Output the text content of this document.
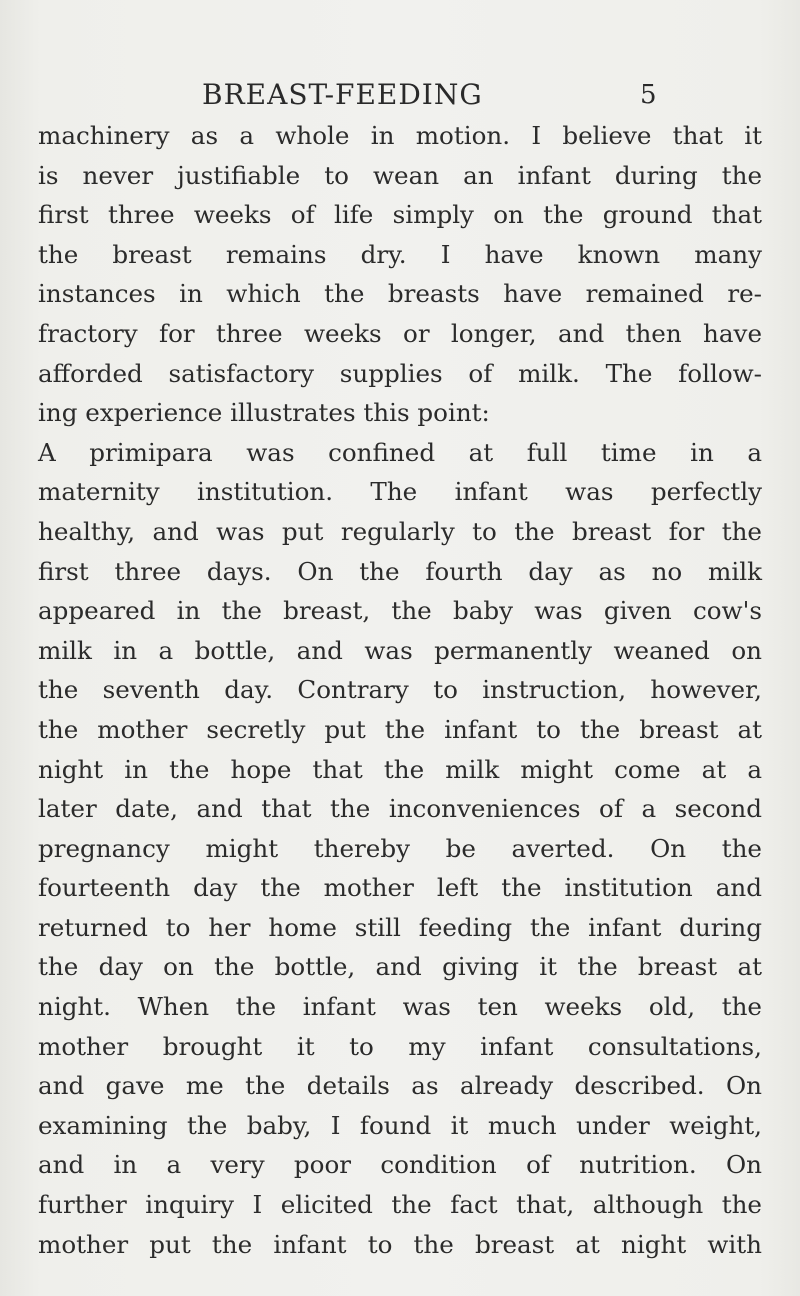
BREAST-FEEDING	5
machinery as a whole in motion. I believe that it
is never justifiable to wean an infant during the
first three weeks of life simply on the ground that
the breast remains dry. I have known many
instances in which the breasts have remained re-
fractory for three weeks or longer, and then have
afforded satisfactory supplies of milk. The follow-
ing experience illustrates this point:
A primipara was confined at full time in a
maternity institution. The infant was perfectly
healthy, and was put regularly to the breast for the
first three days. On the fourth day as no milk
appeared in the breast, the baby was given cow's
milk in a bottle, and was permanently weaned on
the seventh day. Contrary to instruction, however,
the mother secretly put the infant to the breast at
night in the hope that the milk might come at a
later date, and that the inconveniences of a second
pregnancy might thereby be averted. On the
fourteenth day the mother left the institution and
returned to her home still feeding the infant during
the day on the bottle, and giving it the breast at
night. When the infant was ten weeks old, the
mother brought it to my infant consultations,
and gave me the details as already described. On
examining the baby, I found it much under weight,
and in a very poor condition of nutrition. On
further inquiry I elicited the fact that, although the
mother put the infant to the breast at night with
